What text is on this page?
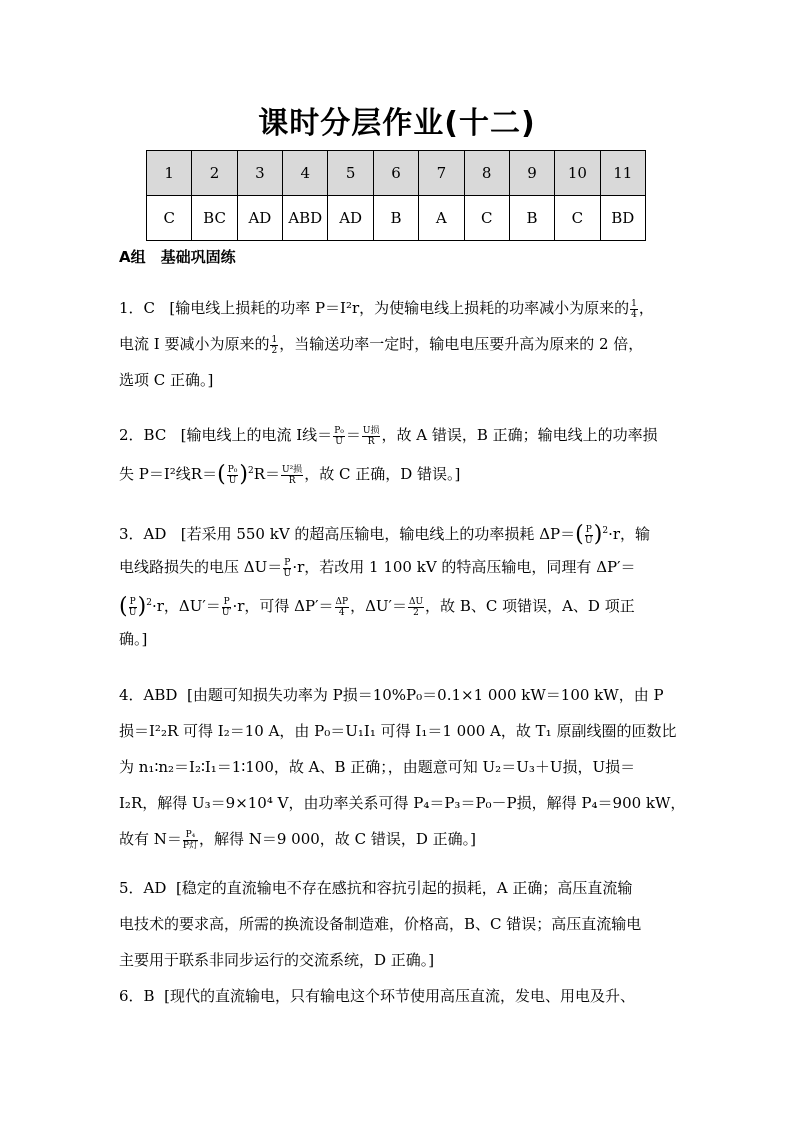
课时分层作业(十二)
1	2	3	4	5	6	7	8	9	10	11
C	BC	AD	ABD	AD	B	A	C	B	C	BD
A组　基础巩固练
1．C [输电线上损耗的功率 P＝I²r，为使输电线上损耗的功率减小为原来的 $\frac{1}{4}$ ，
电流 I 要减小为原来的 $\frac{1}{2}$ ，当输送功率一定时，输电电压要升高为原来的 2 倍，
选项 C 正确。]
2．BC [输电线上的电流 I线＝ $\frac{\text{P₀}}{U} = U$损
R ，故 A 错误，B 正确；输电线上的功率损
失 P＝I²线$R=( \frac{\text{P₀}}{U} )^2R= U^2$损
R ，故 C 正确，D 错误。]
3．AD [若采用 550 kV 的超高压输电，输电线上的功率损耗 $\Delta P=( \frac{P}{U} )^2\cdot r$，输
电线路损失的电压 $\Delta U= \frac{P}{U} \cdot r$，若改用 1 100 kV 的特高压输电，同理有 ΔP′＝
( $\frac{P}{U} )^2\cdot r$，$\Delta U'= \frac{P}{U'} \cdot r$，可得 $\Delta P'= \frac{\Delta P}{4}$ ，$\Delta U'= \frac{\Delta U}{2}$ ，故 B、C 项错误，A、D 项正
确。]
4．ABD [由题可知损失功率为 P损＝10%P₀＝0.1×1 000 kW＝100 kW，由 P
损＝I²₂R 可得 I₂＝10 A，由 P₀＝U₁I₁ 可得 I₁＝1 000 A，故 T₁ 原副线圈的匝数比
为 n₁∶n₂＝I₂∶I₁＝1∶100，故 A、B 正确；，由题意可知 U₂＝U₃＋U损，U损＝
I₂R，解得 U₃＝9×10⁴ V，由功率关系可得 P₄＝P₃＝P₀－P损，解得 P₄＝900 kW，
故有 N＝ P₄
P灯 ，解得 N＝9 000，故 C 错误，D 正确。]
5．AD [稳定的直流输电不存在感抗和容抗引起的损耗，A 正确；高压直流输
电技术的要求高，所需的换流设备制造难，价格高，B、C 错误；高压直流输电
主要用于联系非同步运行的交流系统，D 正确。]
6．B [现代的直流输电，只有输电这个环节使用高压直流，发电、用电及升、
